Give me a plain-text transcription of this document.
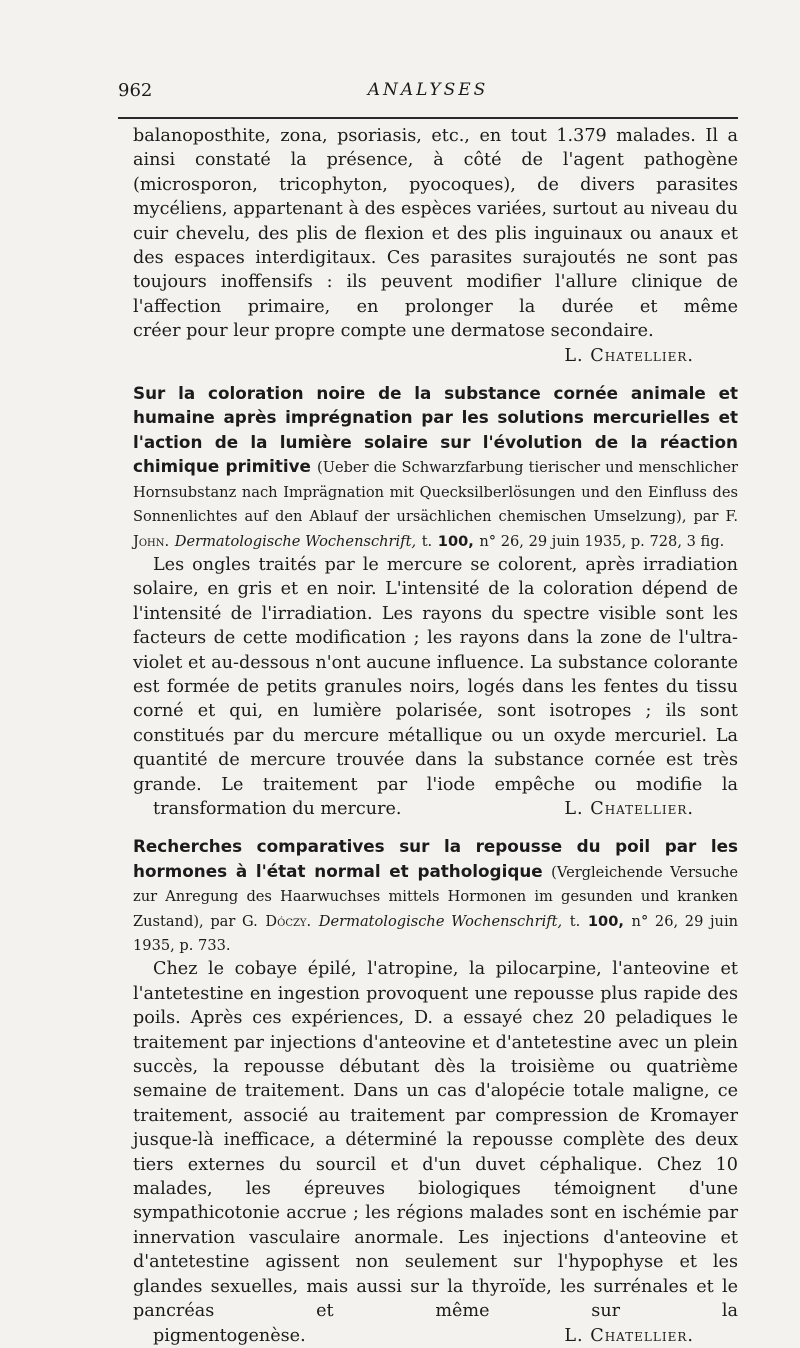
962	ANALYSES

balanoposthite, zona, psoriasis, etc., en tout 1.379 malades. Il a ainsi constaté la présence, à côté de l'agent pathogène (microsporon, tricophyton, pyocoques), de divers parasites mycéliens, appartenant à des espèces variées, surtout au niveau du cuir chevelu, des plis de flexion et des plis inguinaux ou anaux et des espaces interdigitaux. Ces parasites surajoutés ne sont pas toujours inoffensifs : ils peuvent modifier l'allure clinique de l'affection primaire, en prolonger la durée et même
créer pour leur propre compte une dermatose secondaire.

L. Chatellier.

Sur la coloration noire de la substance cornée animale et humaine après imprégnation par les solutions mercurielles et l'action de la lumière solaire sur l'évolution de la réaction chimique primitive (Ueber die Schwarzfarbung tierischer und menschlicher Hornsubstanz nach Imprägnation mit Quecksilberlösungen und den Einfluss des Sonnenlichtes auf den Ablauf der ursächlichen chemischen Umselzung), par F. John. Dermatologische Wochenschrift, t. 100, n° 26, 29 juin 1935, p. 728, 3 fig.

Les ongles traités par le mercure se colorent, après irradiation solaire, en gris et en noir. L'intensité de la coloration dépend de l'intensité de l'irradiation. Les rayons du spectre visible sont les facteurs de cette modification ; les rayons dans la zone de l'ultra-violet et au-dessous n'ont aucune influence. La substance colorante est formée de petits granules noirs, logés dans les fentes du tissu corné et qui, en lumière polarisée, sont isotropes ; ils sont constitués par du mercure métallique ou un oxyde mercuriel. La quantité de mercure trouvée dans la substance cornée est très grande. Le traitement par l'iode empêche ou modifie la
transformation du mercure.	L. Chatellier.

Recherches comparatives sur la repousse du poil par les hormones à l'état normal et pathologique (Vergleichende Versuche zur Anregung des Haarwuchses mittels Hormonen im gesunden und kranken Zustand), par G. Dóczy. Dermatologische Wochenschrift, t. 100, n° 26, 29 juin 1935, p. 733.

Chez le cobaye épilé, l'atropine, la pilocarpine, l'anteovine et l'antetestine en ingestion provoquent une repousse plus rapide des poils. Après ces expériences, D. a essayé chez 20 peladiques le traitement par injections d'anteovine et d'antetestine avec un plein succès, la repousse débutant dès la troisième ou quatrième semaine de traitement. Dans un cas d'alopécie totale maligne, ce traitement, associé au traitement par compression de Kromayer jusque-là inefficace, a déterminé la repousse complète des deux tiers externes du sourcil et d'un duvet céphalique. Chez 10 malades, les épreuves biologiques témoignent d'une sympathicotonie accrue ; les régions malades sont en ischémie par innervation vasculaire anormale. Les injections d'anteovine et d'antetestine agissent non seulement sur l'hypophyse et les glandes sexuelles, mais aussi sur la thyroïde, les surrénales et le pancréas et même sur la
pigmentogenèse.	L. Chatellier.
